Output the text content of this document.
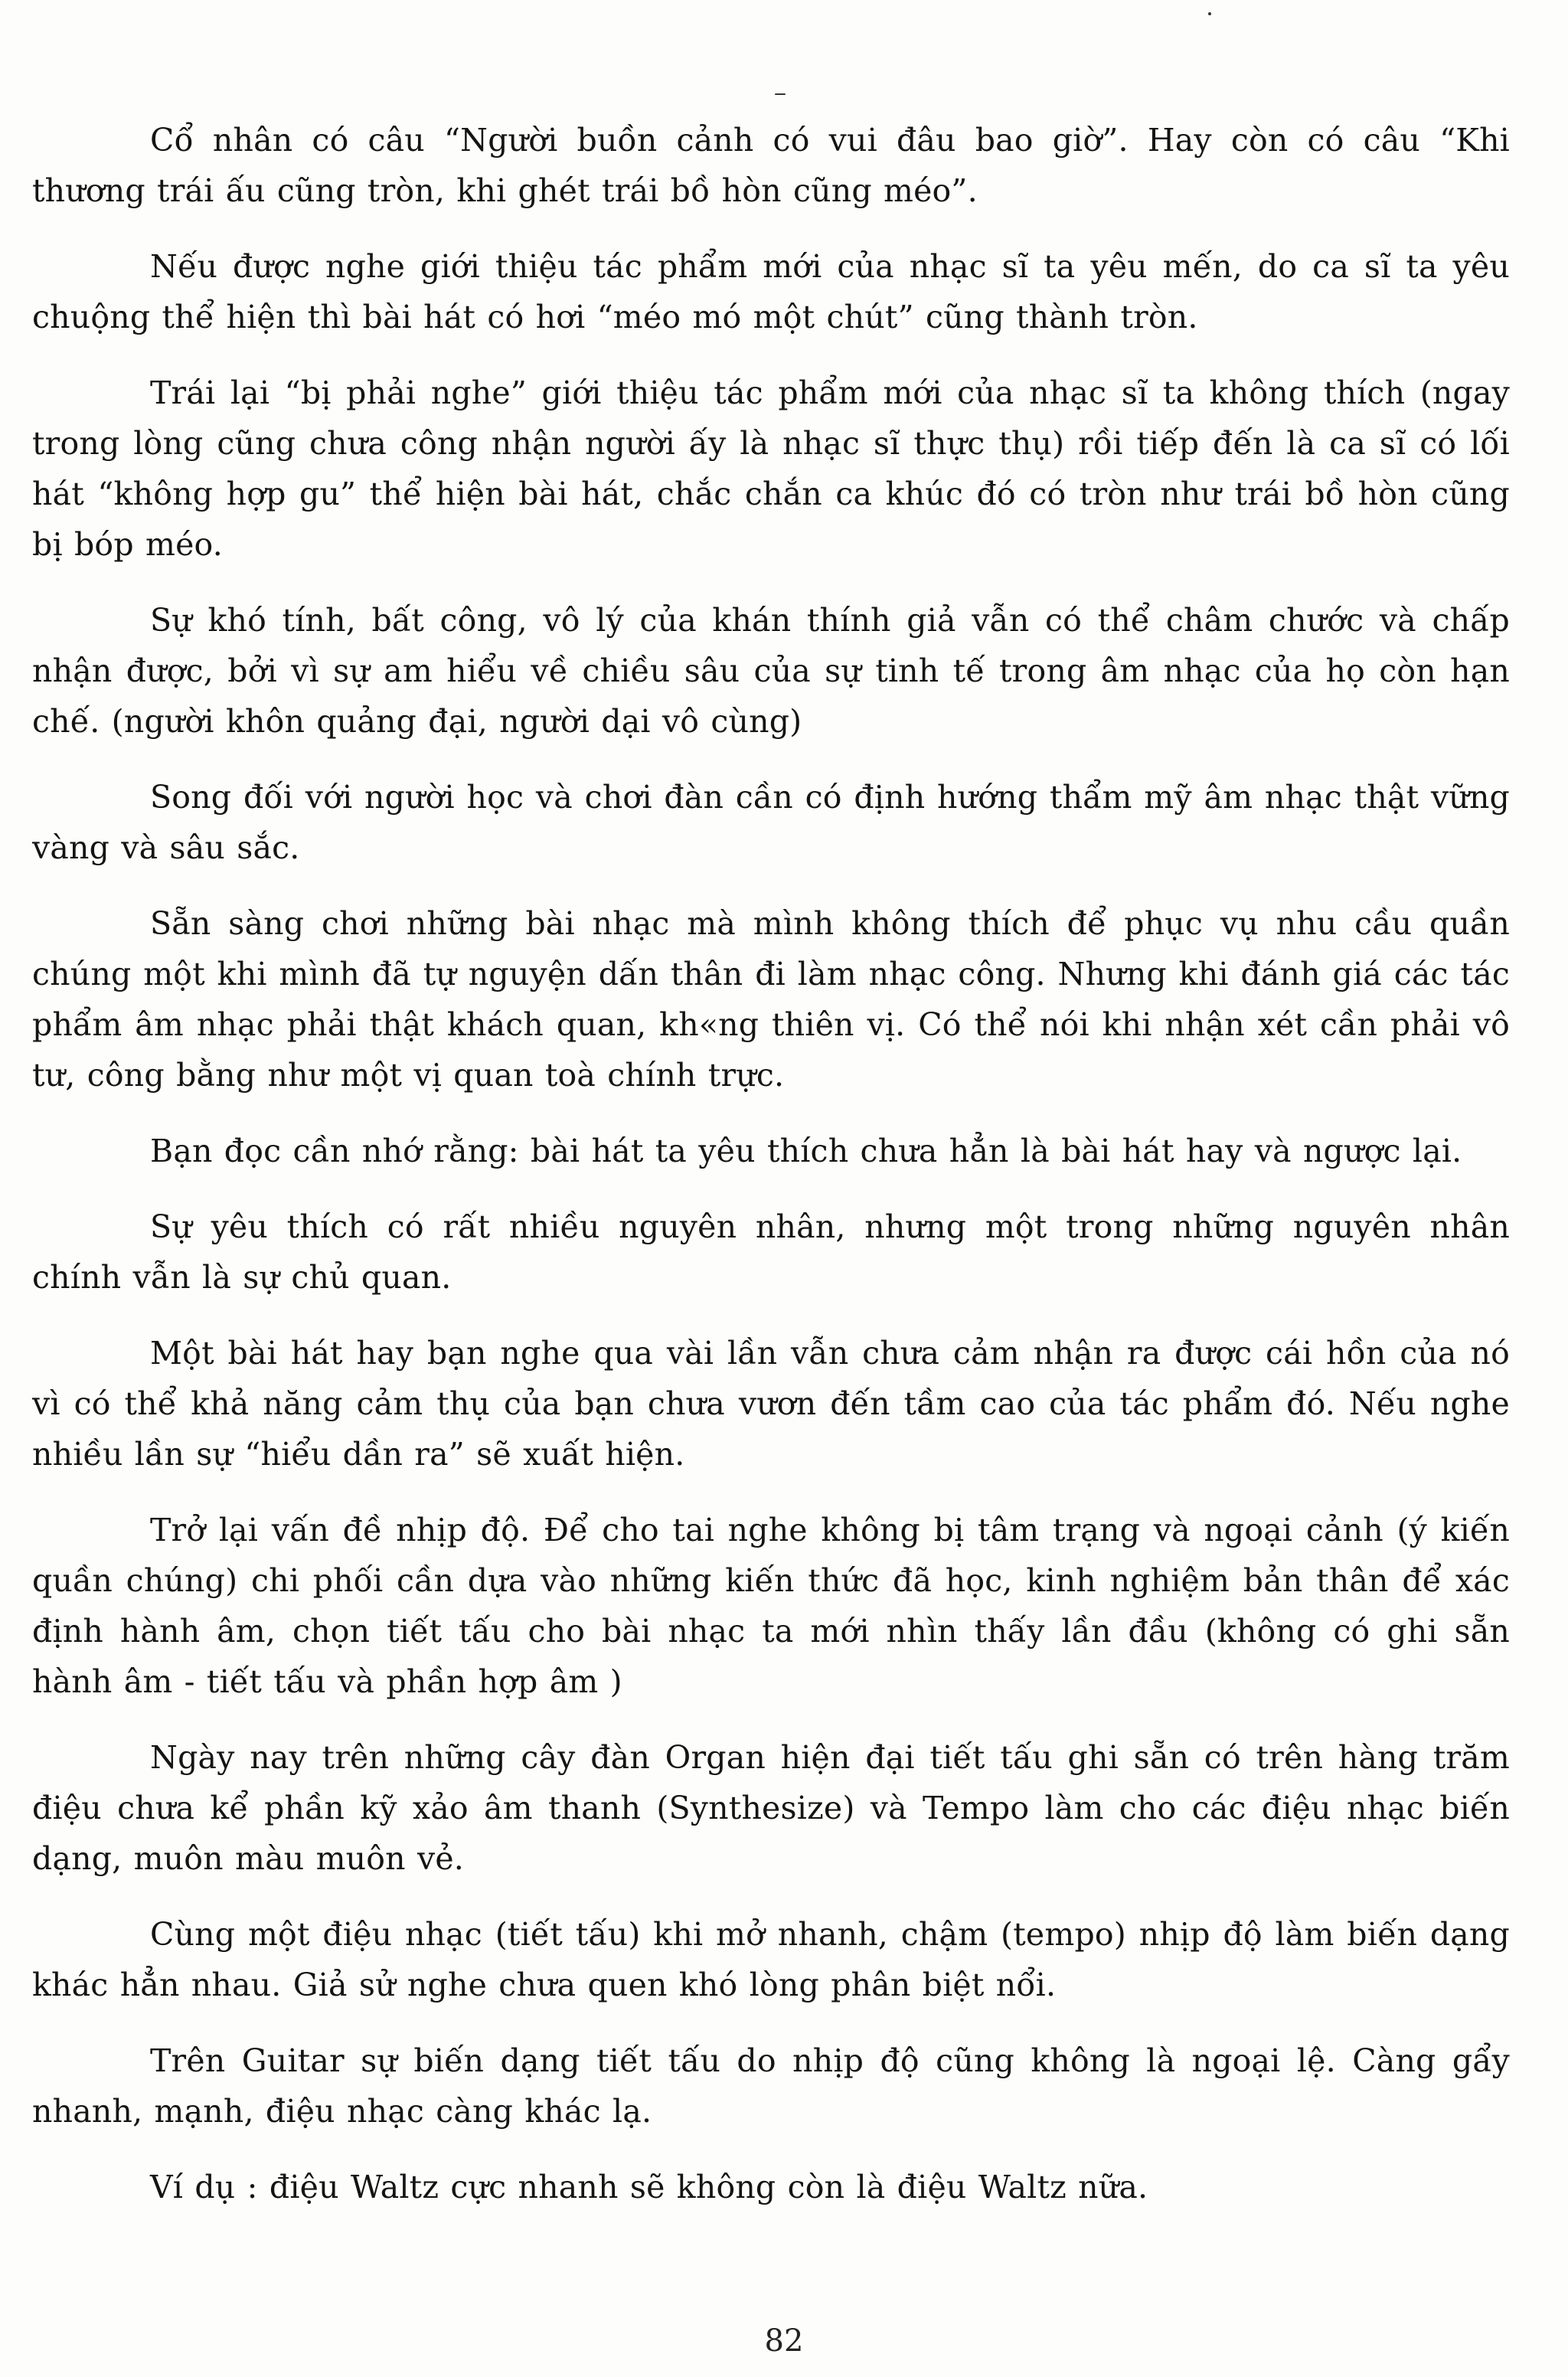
Cổ nhân có câu “Người buồn cảnh có vui đâu bao giờ”. Hay còn có câu “Khi thương trái ấu cũng tròn, khi ghét trái bồ hòn cũng méo”.

Nếu được nghe giới thiệu tác phẩm mới của nhạc sĩ ta yêu mến, do ca sĩ ta yêu chuộng thể hiện thì bài hát có hơi “méo mó một chút” cũng thành tròn.

Trái lại “bị phải nghe” giới thiệu tác phẩm mới của nhạc sĩ ta không thích (ngay trong lòng cũng chưa công nhận người ấy là nhạc sĩ thực thụ) rồi tiếp đến là ca sĩ có lối hát “không hợp gu” thể hiện bài hát, chắc chắn ca khúc đó có tròn như trái bồ hòn cũng bị bóp méo.

Sự khó tính, bất công, vô lý của khán thính giả vẫn có thể châm chước và chấp nhận được, bởi vì sự am hiểu về chiều sâu của sự tinh tế trong âm nhạc của họ còn hạn chế. (người khôn quảng đại, người dại vô cùng)

Song đối với người học và chơi đàn cần có định hướng thẩm mỹ âm nhạc thật vững vàng và sâu sắc.

Sẵn sàng chơi những bài nhạc mà mình không thích để phục vụ nhu cầu quần chúng một khi mình đã tự nguyện dấn thân đi làm nhạc công. Nhưng khi đánh giá các tác phẩm âm nhạc phải thật khách quan, kh«ng thiên vị. Có thể nói khi nhận xét cần phải vô tư, công bằng như một vị quan toà chính trực.

Bạn đọc cần nhớ rằng: bài hát ta yêu thích chưa hẳn là bài hát hay và ngược lại.

Sự yêu thích có rất nhiều nguyên nhân, nhưng một trong những nguyên nhân chính vẫn là sự chủ quan.

Một bài hát hay bạn nghe qua vài lần vẫn chưa cảm nhận ra được cái hồn của nó vì có thể khả năng cảm thụ của bạn chưa vươn đến tầm cao của tác phẩm đó. Nếu nghe nhiều lần sự “hiểu dần ra” sẽ xuất hiện.

Trở lại vấn đề nhịp độ. Để cho tai nghe không bị tâm trạng và ngoại cảnh (ý kiến quần chúng) chi phối cần dựa vào những kiến thức đã học, kinh nghiệm bản thân để xác định hành âm, chọn tiết tấu cho bài nhạc ta mới nhìn thấy lần đầu (không có ghi sẵn hành âm - tiết tấu và phần hợp âm )

Ngày nay trên những cây đàn Organ hiện đại tiết tấu ghi sẵn có trên hàng trăm điệu chưa kể phần kỹ xảo âm thanh (Synthesize) và Tempo làm cho các điệu nhạc biến dạng, muôn màu muôn vẻ.

Cùng một điệu nhạc (tiết tấu) khi mở nhanh, chậm (tempo) nhịp độ làm biến dạng khác hẳn nhau. Giả sử nghe chưa quen khó lòng phân biệt nổi.

Trên Guitar sự biến dạng tiết tấu do nhịp độ cũng không là ngoại lệ. Càng gẩy nhanh, mạnh, điệu nhạc càng khác lạ.

Ví dụ : điệu Waltz cực nhanh sẽ không còn là điệu Waltz nữa.

82
